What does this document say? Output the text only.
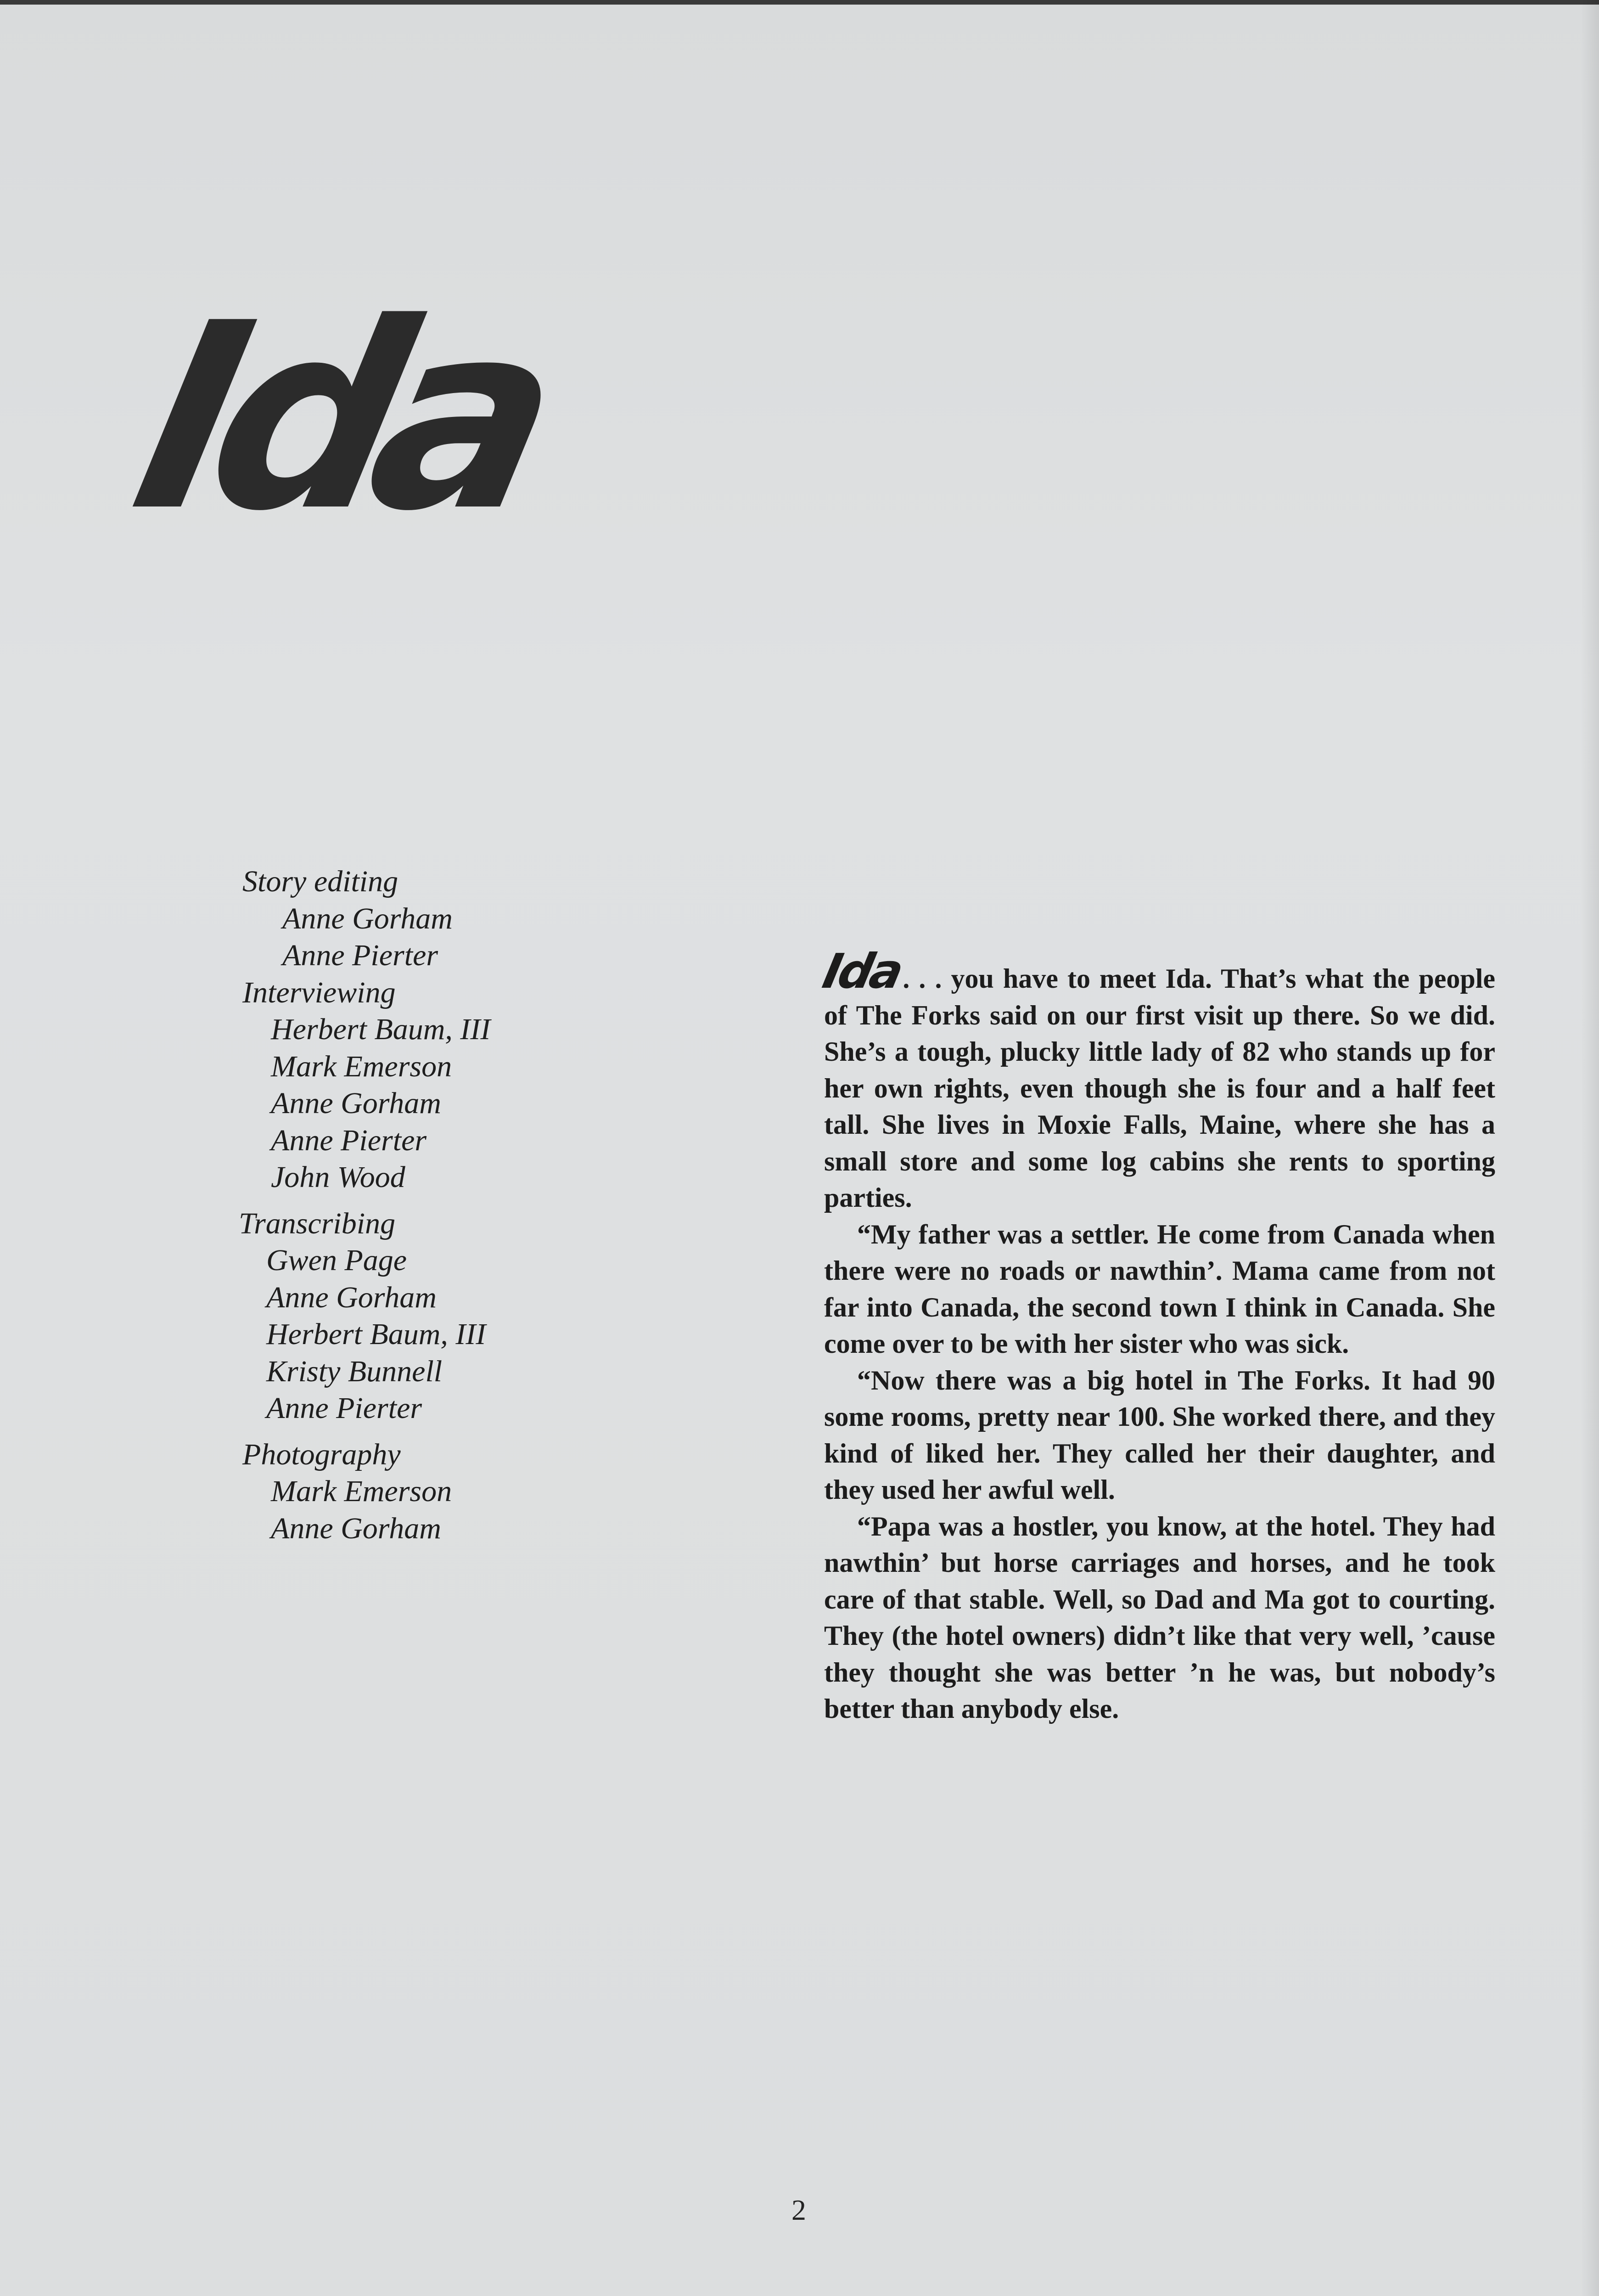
Ida
Story editing
Anne Gorham
Anne Pierter
Interviewing
Herbert Baum, III
Mark Emerson
Anne Gorham
Anne Pierter
John Wood
Transcribing
Gwen Page
Anne Gorham
Herbert Baum, III
Kristy Bunnell
Anne Pierter
Photography
Mark Emerson
Anne Gorham

Ida. . . you have to meet Ida. That’s what the people of The Forks said on our first visit up there. So we did. She’s a tough, plucky little lady of 82 who stands up for her own rights, even though she is four and a half feet tall. She lives in Moxie Falls, Maine, where she has a small store and some log cabins she rents to sporting parties.

“My father was a settler. He come from Canada when there were no roads or nawthin’. Mama came from not far into Canada, the second town I think in Canada. She come over to be with her sister who was sick.

“Now there was a big hotel in The Forks. It had 90 some rooms, pretty near 100. She worked there, and they kind of liked her. They called her their daughter, and they used her awful well.

“Papa was a hostler, you know, at the hotel. They had nawthin’ but horse carriages and horses, and he took care of that stable. Well, so Dad and Ma got to courting. They (the hotel owners) didn’t like that very well, ’cause they thought she was better ’n he was, but nobody’s better than anybody else.

2
